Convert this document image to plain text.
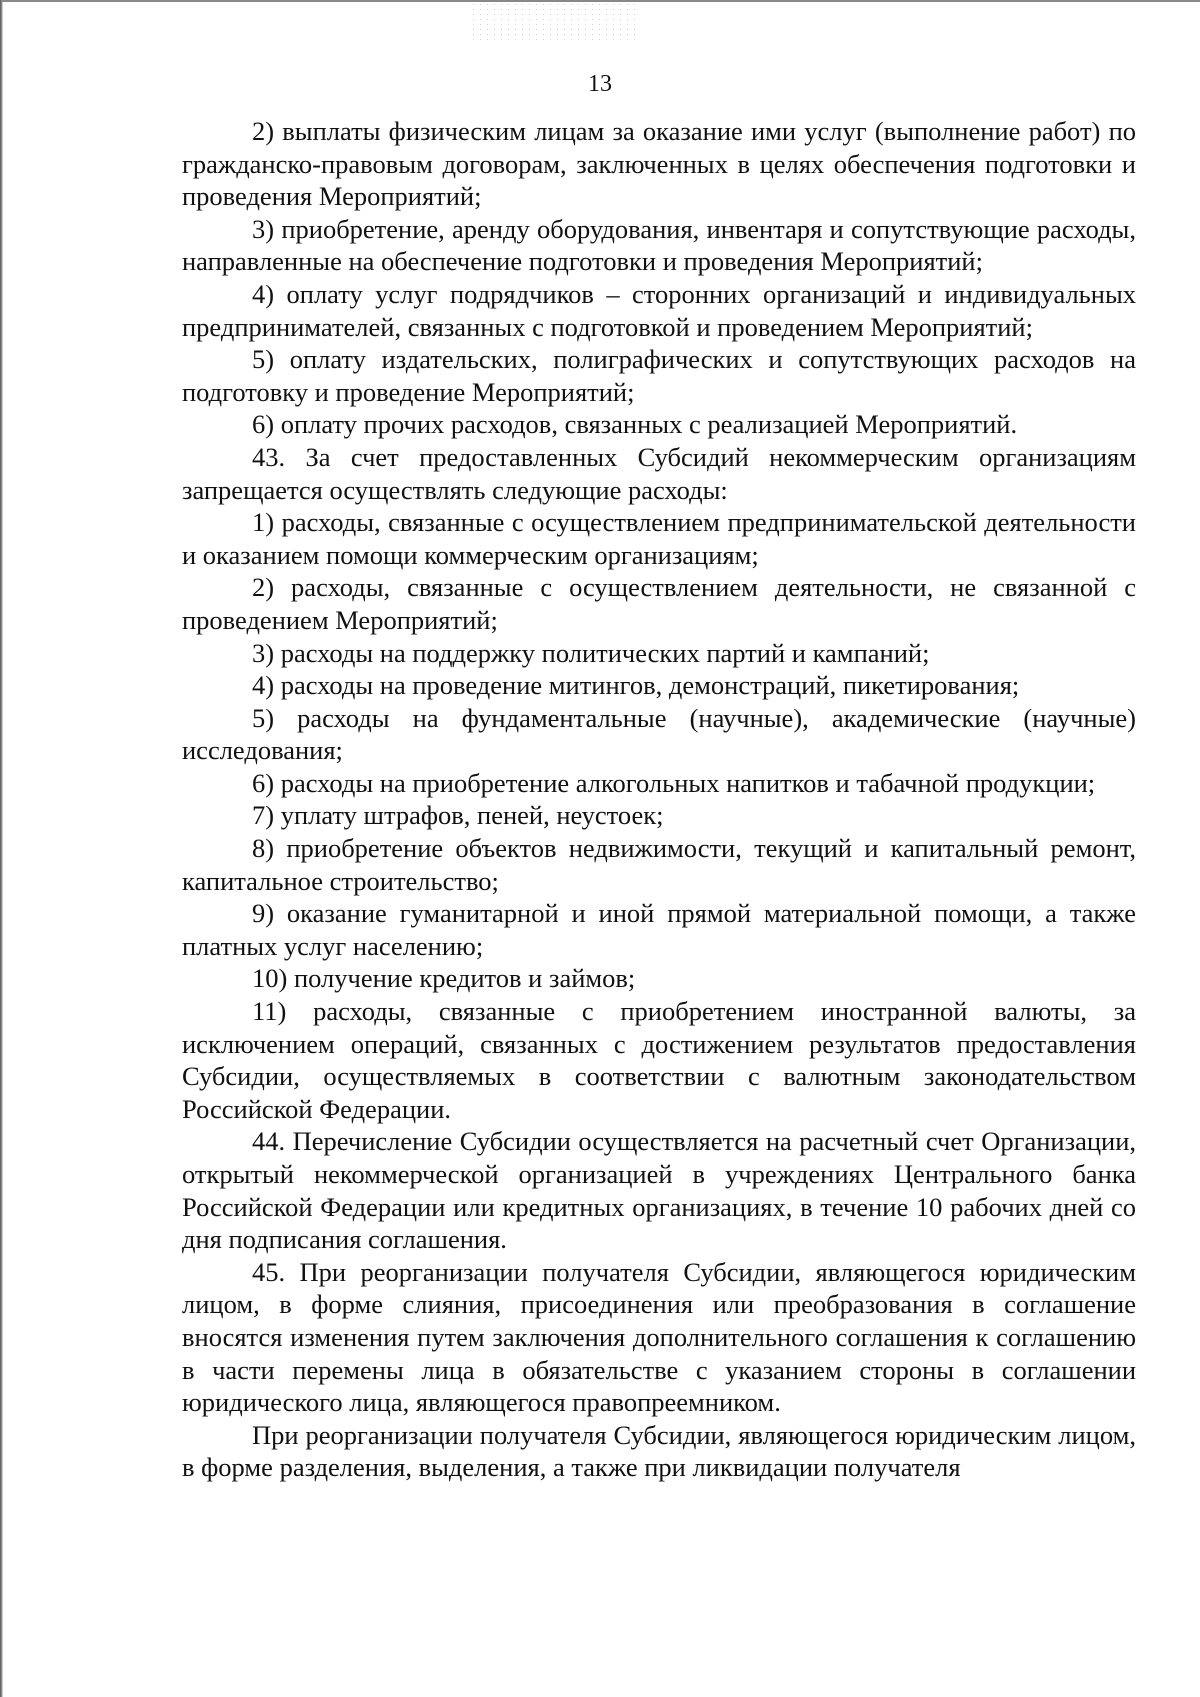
13

2) выплаты физическим лицам за оказание ими услуг (выполнение работ) по гражданско-правовым договорам, заключенных в целях обеспечения подготовки и проведения Мероприятий;

3) приобретение, аренду оборудования, инвентаря и сопутствующие расходы, направленные на обеспечение подготовки и проведения Мероприятий;

4) оплату услуг подрядчиков – сторонних организаций и индивидуальных предпринимателей, связанных с подготовкой и проведением Мероприятий;

5) оплату издательских, полиграфических и сопутствующих расходов на подготовку и проведение Мероприятий;

6) оплату прочих расходов, связанных с реализацией Мероприятий.

43. За счет предоставленных Субсидий некоммерческим организациям запрещается осуществлять следующие расходы:

1) расходы, связанные с осуществлением предпринимательской деятельности и оказанием помощи коммерческим организациям;

2) расходы, связанные с осуществлением деятельности, не связанной с проведением Мероприятий;

3) расходы на поддержку политических партий и кампаний;

4) расходы на проведение митингов, демонстраций, пикетирования;

5) расходы на фундаментальные (научные), академические (научные) исследования;

6) расходы на приобретение алкогольных напитков и табачной продукции;

7) уплату штрафов, пеней, неустоек;

8) приобретение объектов недвижимости, текущий и капитальный ремонт, капитальное строительство;

9) оказание гуманитарной и иной прямой материальной помощи, а также платных услуг населению;

10) получение кредитов и займов;

11) расходы, связанные с приобретением иностранной валюты, за исключением операций, связанных с достижением результатов предоставления Субсидии, осуществляемых в соответствии с валютным законодательством Российской Федерации.

44. Перечисление Субсидии осуществляется на расчетный счет Организации, открытый некоммерческой организацией в учреждениях Центрального банка Российской Федерации или кредитных организациях, в течение 10 рабочих дней со дня подписания соглашения.

45. При реорганизации получателя Субсидии, являющегося юридическим лицом, в форме слияния, присоединения или преобразования в соглашение вносятся изменения путем заключения дополнительного соглашения к соглашению в части перемены лица в обязательстве с указанием стороны в соглашении юридического лица, являющегося правопреемником.

При реорганизации получателя Субсидии, являющегося юридическим лицом, в форме разделения, выделения, а также при ликвидации получателя
